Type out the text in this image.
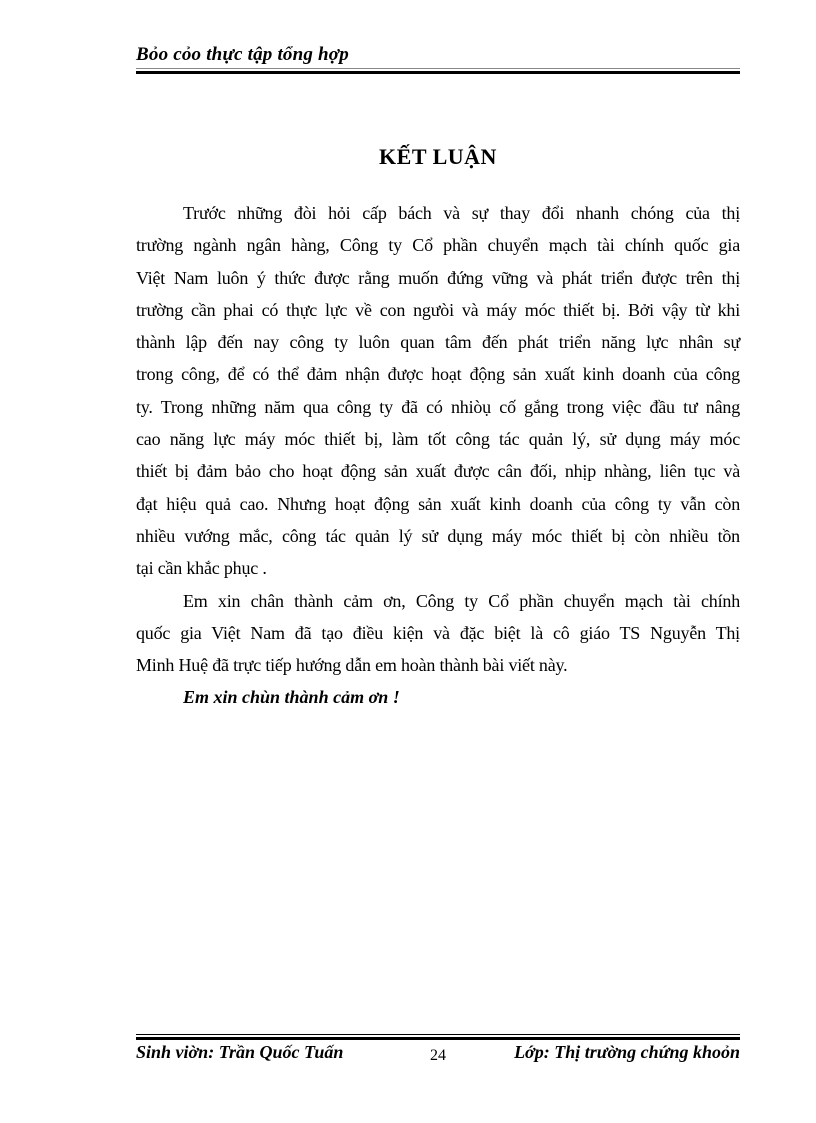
Bỏo cỏo thực tập tổng hợp
KẾT LUẬN
Trước những đòi hỏi cấp bách và sự thay đổi nhanh chóng của thị
trường ngành ngân hàng, Công ty Cổ phần chuyển mạch tài chính quốc gia
Việt Nam luôn ý thức được rằng muốn đứng vững và phát triển được trên thị
trường cần phai có thực lực về con ngưòi và máy móc thiết bị. Bởi vậy từ khi
thành lập đến nay công ty luôn quan tâm đến phát triển năng lực nhân sự
trong công, để có thể đảm nhận được hoạt động sản xuất kinh doanh của công
ty. Trong những năm qua công ty đã có nhiòụ cố gắng trong việc đầu tư nâng
cao năng lực máy móc thiết bị, làm tốt công tác quản lý, sử dụng máy móc
thiết bị đảm bảo cho hoạt động sản xuất được cân đối, nhịp nhàng, liên tục và
đạt hiệu quả cao. Nhưng hoạt động sản xuất kinh doanh của công ty vẫn còn
nhiều vướng mắc, công tác quản lý sử dụng máy móc thiết bị còn nhiều tồn
tại cần khắc phục .
Em xin chân thành cảm ơn, Công ty Cổ phần chuyển mạch tài chính
quốc gia Việt Nam đã tạo điều kiện và đặc biệt là cô giáo TS Nguyễn Thị
Minh Huệ đã trực tiếp hướng dẫn em hoàn thành bài viết này.
Em xin chùn thành cảm ơn !
Sinh viờn: Trần Quốc Tuấn	24	Lớp: Thị trường chứng khoỏn
